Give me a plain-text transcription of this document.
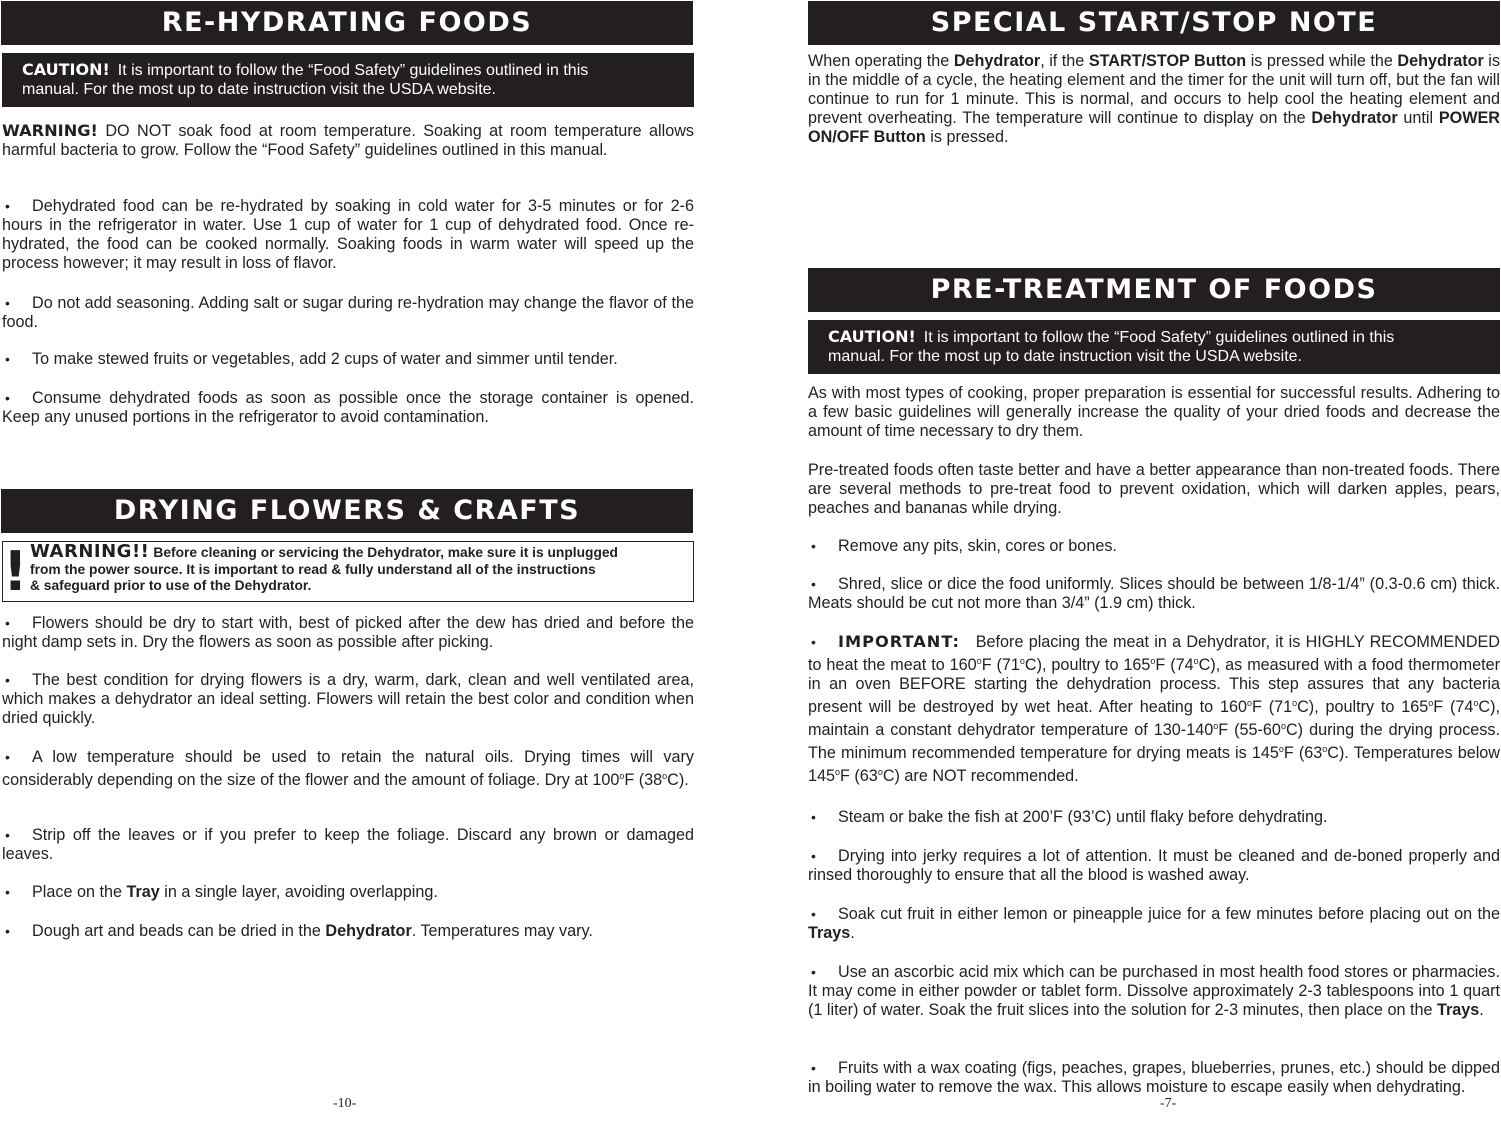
RE-HYDRATING FOODS
CAUTION! It is important to follow the “Food Safety” guidelines outlined in this
manual. For the most up to date instruction visit the USDA website.
WARNING! DO NOT soak food at room temperature. Soaking at room temperature allows harmful bacteria to grow. Follow the “Food Safety” guidelines outlined in this manual.
• Dehydrated food can be re-hydrated by soaking in cold water for 3-5 minutes or for 2-6 hours in the refrigerator in water. Use 1 cup of water for 1 cup of dehydrated food. Once re-hydrated, the food can be cooked normally. Soaking foods in warm water will speed up the process however; it may result in loss of flavor.
• Do not add seasoning. Adding salt or sugar during re-hydration may change the flavor of the food.
• To make stewed fruits or vegetables, add 2 cups of water and simmer until tender.
• Consume dehydrated foods as soon as possible once the storage container is opened. Keep any unused portions in the refrigerator to avoid contamination.
DRYING FLOWERS & CRAFTS
! WARNING!! Before cleaning or servicing the Dehydrator, make sure it is unplugged
from the power source. It is important to read & fully understand all of the instructions
& safeguard prior to use of the Dehydrator.
• Flowers should be dry to start with, best of picked after the dew has dried and before the night damp sets in. Dry the flowers as soon as possible after picking.
• The best condition for drying flowers is a dry, warm, dark, clean and well ventilated area, which makes a dehydrator an ideal setting. Flowers will retain the best color and condition when dried quickly.
• A low temperature should be used to retain the natural oils. Drying times will vary considerably depending on the size of the flower and the amount of foliage. Dry at 100$^o$F (38$^o$C).
• Strip off the leaves or if you prefer to keep the foliage. Discard any brown or damaged leaves.
• Place on the Tray in a single layer, avoiding overlapping.
• Dough art and beads can be dried in the Dehydrator. Temperatures may vary.
-10-
SPECIAL START/STOP NOTE
When operating the Dehydrator, if the START/STOP Button is pressed while the Dehydrator is in the middle of a cycle, the heating element and the timer for the unit will turn off, but the fan will continue to run for 1 minute. This is normal, and occurs to help cool the heating element and prevent overheating. The temperature will continue to display on the Dehydrator until POWER ON/OFF Button is pressed.
PRE-TREATMENT OF FOODS
CAUTION! It is important to follow the “Food Safety” guidelines outlined in this
manual. For the most up to date instruction visit the USDA website.
As with most types of cooking, proper preparation is essential for successful results. Adhering to a few basic guidelines will generally increase the quality of your dried foods and decrease the amount of time necessary to dry them.
Pre-treated foods often taste better and have a better appearance than non-treated foods. There are several methods to pre-treat food to prevent oxidation, which will darken apples, pears, peaches and bananas while drying.
• Remove any pits, skin, cores or bones.
• Shred, slice or dice the food uniformly. Slices should be between 1/8-1/4” (0.3-0.6 cm) thick. Meats should be cut not more than 3/4” (1.9 cm) thick.
• IMPORTANT: Before placing the meat in a Dehydrator, it is HIGHLY RECOMMENDED to heat the meat to 160$^o$F (71$^o$C), poultry to 165$^o$F (74$^o$C), as measured with a food thermometer in an oven BEFORE starting the dehydration process. This step assures that any bacteria present will be destroyed by wet heat. After heating to 160$^o$F (71$^o$C), poultry to 165$^o$F (74$^o$C), maintain a constant dehydrator temperature of 130-140$^o$F (55-60$^o$C) during the drying process. The minimum recommended temperature for drying meats is 145$^o$F (63$^o$C). Temperatures below 145$^o$F (63$^o$C) are NOT recommended.
• Steam or bake the fish at 200’F (93’C) until flaky before dehydrating.
• Drying into jerky requires a lot of attention. It must be cleaned and de-boned properly and rinsed thoroughly to ensure that all the blood is washed away.
• Soak cut fruit in either lemon or pineapple juice for a few minutes before placing out on the Trays.
• Use an ascorbic acid mix which can be purchased in most health food stores or pharmacies. It may come in either powder or tablet form. Dissolve approximately 2-3 tablespoons into 1 quart (1 liter) of water. Soak the fruit slices into the solution for 2-3 minutes, then place on the Trays.
• Fruits with a wax coating (figs, peaches, grapes, blueberries, prunes, etc.) should be dipped in boiling water to remove the wax. This allows moisture to escape easily when dehydrating.
-7-
